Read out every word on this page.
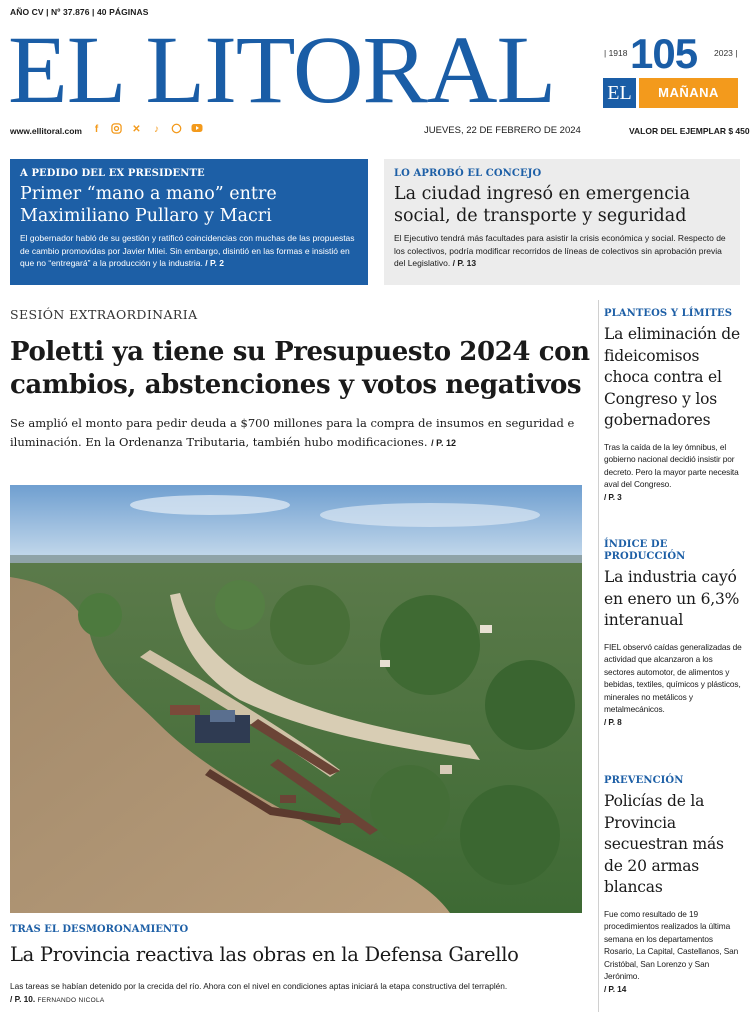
AÑO CV | Nº 37.876 | 40 PÁGINAS
EL LITORAL	| 1918 105 2023 |
EL	MAÑANA
www.ellitoral.com	f	✕	♪	JUEVES, 22 DE FEBRERO DE 2024	VALOR DEL EJEMPLAR $ 450
A PEDIDO DEL EX PRESIDENTE
Primer “mano a mano” entre Maximiliano Pullaro y Macri

El gobernador habló de su gestión y ratificó coincidencias con muchas de las propuestas de cambio promovidas por Javier Milei. Sin embargo, disintió en las formas e insistió en que no “entregará” a la producción y la industria. / P. 2

LO APROBÓ EL CONCEJO
La ciudad ingresó en emergencia social, de transporte y seguridad

El Ejecutivo tendrá más facultades para asistir la crisis económica y social. Respecto de los colectivos, podría modificar recorridos de líneas de colectivos sin aprobación previa del Legislativo. / P. 13

SESIÓN EXTRAORDINARIA
Poletti ya tiene su Presupuesto 2024 con cambios, abstenciones y votos negativos
Se amplió el monto para pedir deuda a $700 millones para la compra de insumos en seguridad e iluminación. En la Ordenanza Tributaria, también hubo modificaciones. / P. 12
TRAS EL DESMORONAMIENTO
La Provincia reactiva las obras en la Defensa Garello
Las tareas se habían detenido por la crecida del río. Ahora con el nivel en condiciones aptas iniciará la etapa constructiva del terraplén.
/ P. 10. FERNANDO NICOLA
PLANTEOS Y LÍMITES
La eliminación de fideicomisos choca contra el Congreso y los gobernadores

Tras la caída de la ley ómnibus, el gobierno nacional decidió insistir por decreto. Pero la mayor parte necesita aval del Congreso.
/ P. 3

ÍNDICE DE PRODUCCIÓN
La industria cayó en enero un 6,3% interanual

FIEL observó caídas generalizadas de actividad que alcanzaron a los sectores automotor, de alimentos y bebidas, textiles, químicos y plásticos, minerales no metálicos y metalmecánicos.
/ P. 8

PREVENCIÓN
Policías de la Provincia secuestran más de 20 armas blancas

Fue como resultado de 19 procedimientos realizados la última semana en los departamentos Rosario, La Capital, Castellanos, San Cristóbal, San Lorenzo y San Jerónimo.
/ P. 14
